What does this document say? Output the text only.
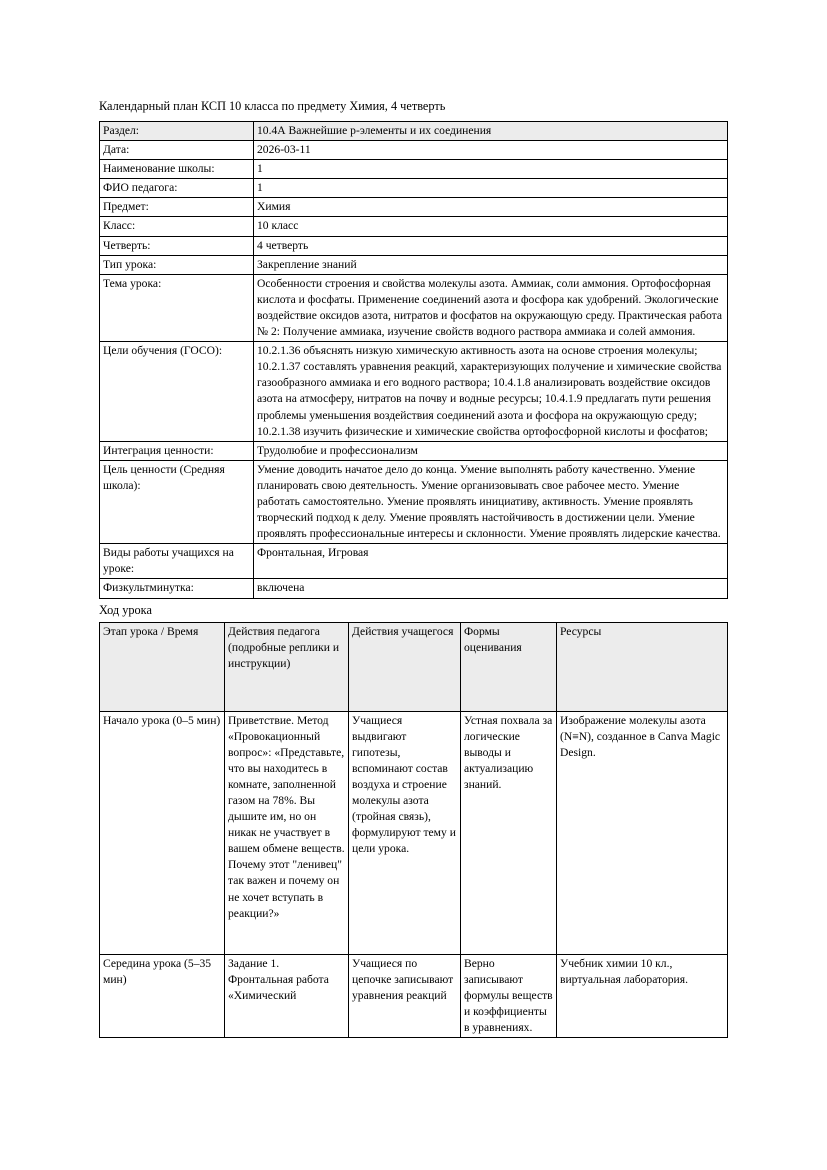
Календарный план КСП 10 класса по предмету Химия, 4 четверть

Раздел:	10.4А Важнейшие p-элементы и их соединения
Дата:	2026-03-11
Наименование школы:	1
ФИО педагога:	1
Предмет:	Химия
Класс:	10 класс
Четверть:	4 четверть
Тип урока:	Закрепление знаний
Тема урока:	Особенности строения и свойства молекулы азота. Аммиак, соли аммония. Ортофосфорная кислота и фосфаты. Применение соединений азота и фосфора как удобрений. Экологические воздействие оксидов азота, нитратов и фосфатов на окружающую среду. Практическая работа № 2: Получение аммиака, изучение свойств водного раствора аммиака и солей аммония.
Цели обучения (ГОСО):	10.2.1.36 объяснять низкую химическую активность азота на основе строения молекулы; 10.2.1.37 составлять уравнения реакций, характеризующих получение и химические свойства газообразного аммиака и его водного раствора; 10.4.1.8 анализировать воздействие оксидов азота на атмосферу, нитратов на почву и водные ресурсы; 10.4.1.9 предлагать пути решения проблемы уменьшения воздействия соединений азота и фосфора на окружающую среду; 10.2.1.38 изучить физические и химические свойства ортофосфорной кислоты и фосфатов;
Интеграция ценности:	Трудолюбие и профессионализм
Цель ценности (Средняя школа):	Умение доводить начатое дело до конца. Умение выполнять работу качественно. Умение планировать свою деятельность. Умение организовывать свое рабочее место. Умение работать самостоятельно. Умение проявлять инициативу, активность. Умение проявлять творческий подход к делу. Умение проявлять настойчивость в достижении цели. Умение проявлять профессиональные интересы и склонности. Умение проявлять лидерские качества.
Виды работы учащихся на уроке:	Фронтальная, Игровая
Физкультминутка:	включена

Ход урока

Этап урока / Время	Действия педагога (подробные реплики и инструкции)	Действия учащегося	Формы оценивания	Ресурсы
Начало урока (0–5 мин)	Приветствие. Метод «Провокационный вопрос»: «Представьте, что вы находитесь в комнате, заполненной газом на 78%. Вы дышите им, но он никак не участвует в вашем обмене веществ. Почему этот "ленивец" так важен и почему он не хочет вступать в реакции?»	Учащиеся выдвигают гипотезы, вспоминают состав воздуха и строение молекулы азота (тройная связь), формулируют тему и цели урока.	Устная похвала за логические выводы и актуализацию знаний.	Изображение молекулы азота (N≡N), созданное в Canva Magic Design.
Середина урока (5–35 мин)	Задание 1. Фронтальная работа «Химический	Учащиеся по цепочке записывают уравнения реакций	Верно записывают формулы веществ и коэффициенты в уравнениях.	Учебник химии 10 кл., виртуальная лаборатория.
